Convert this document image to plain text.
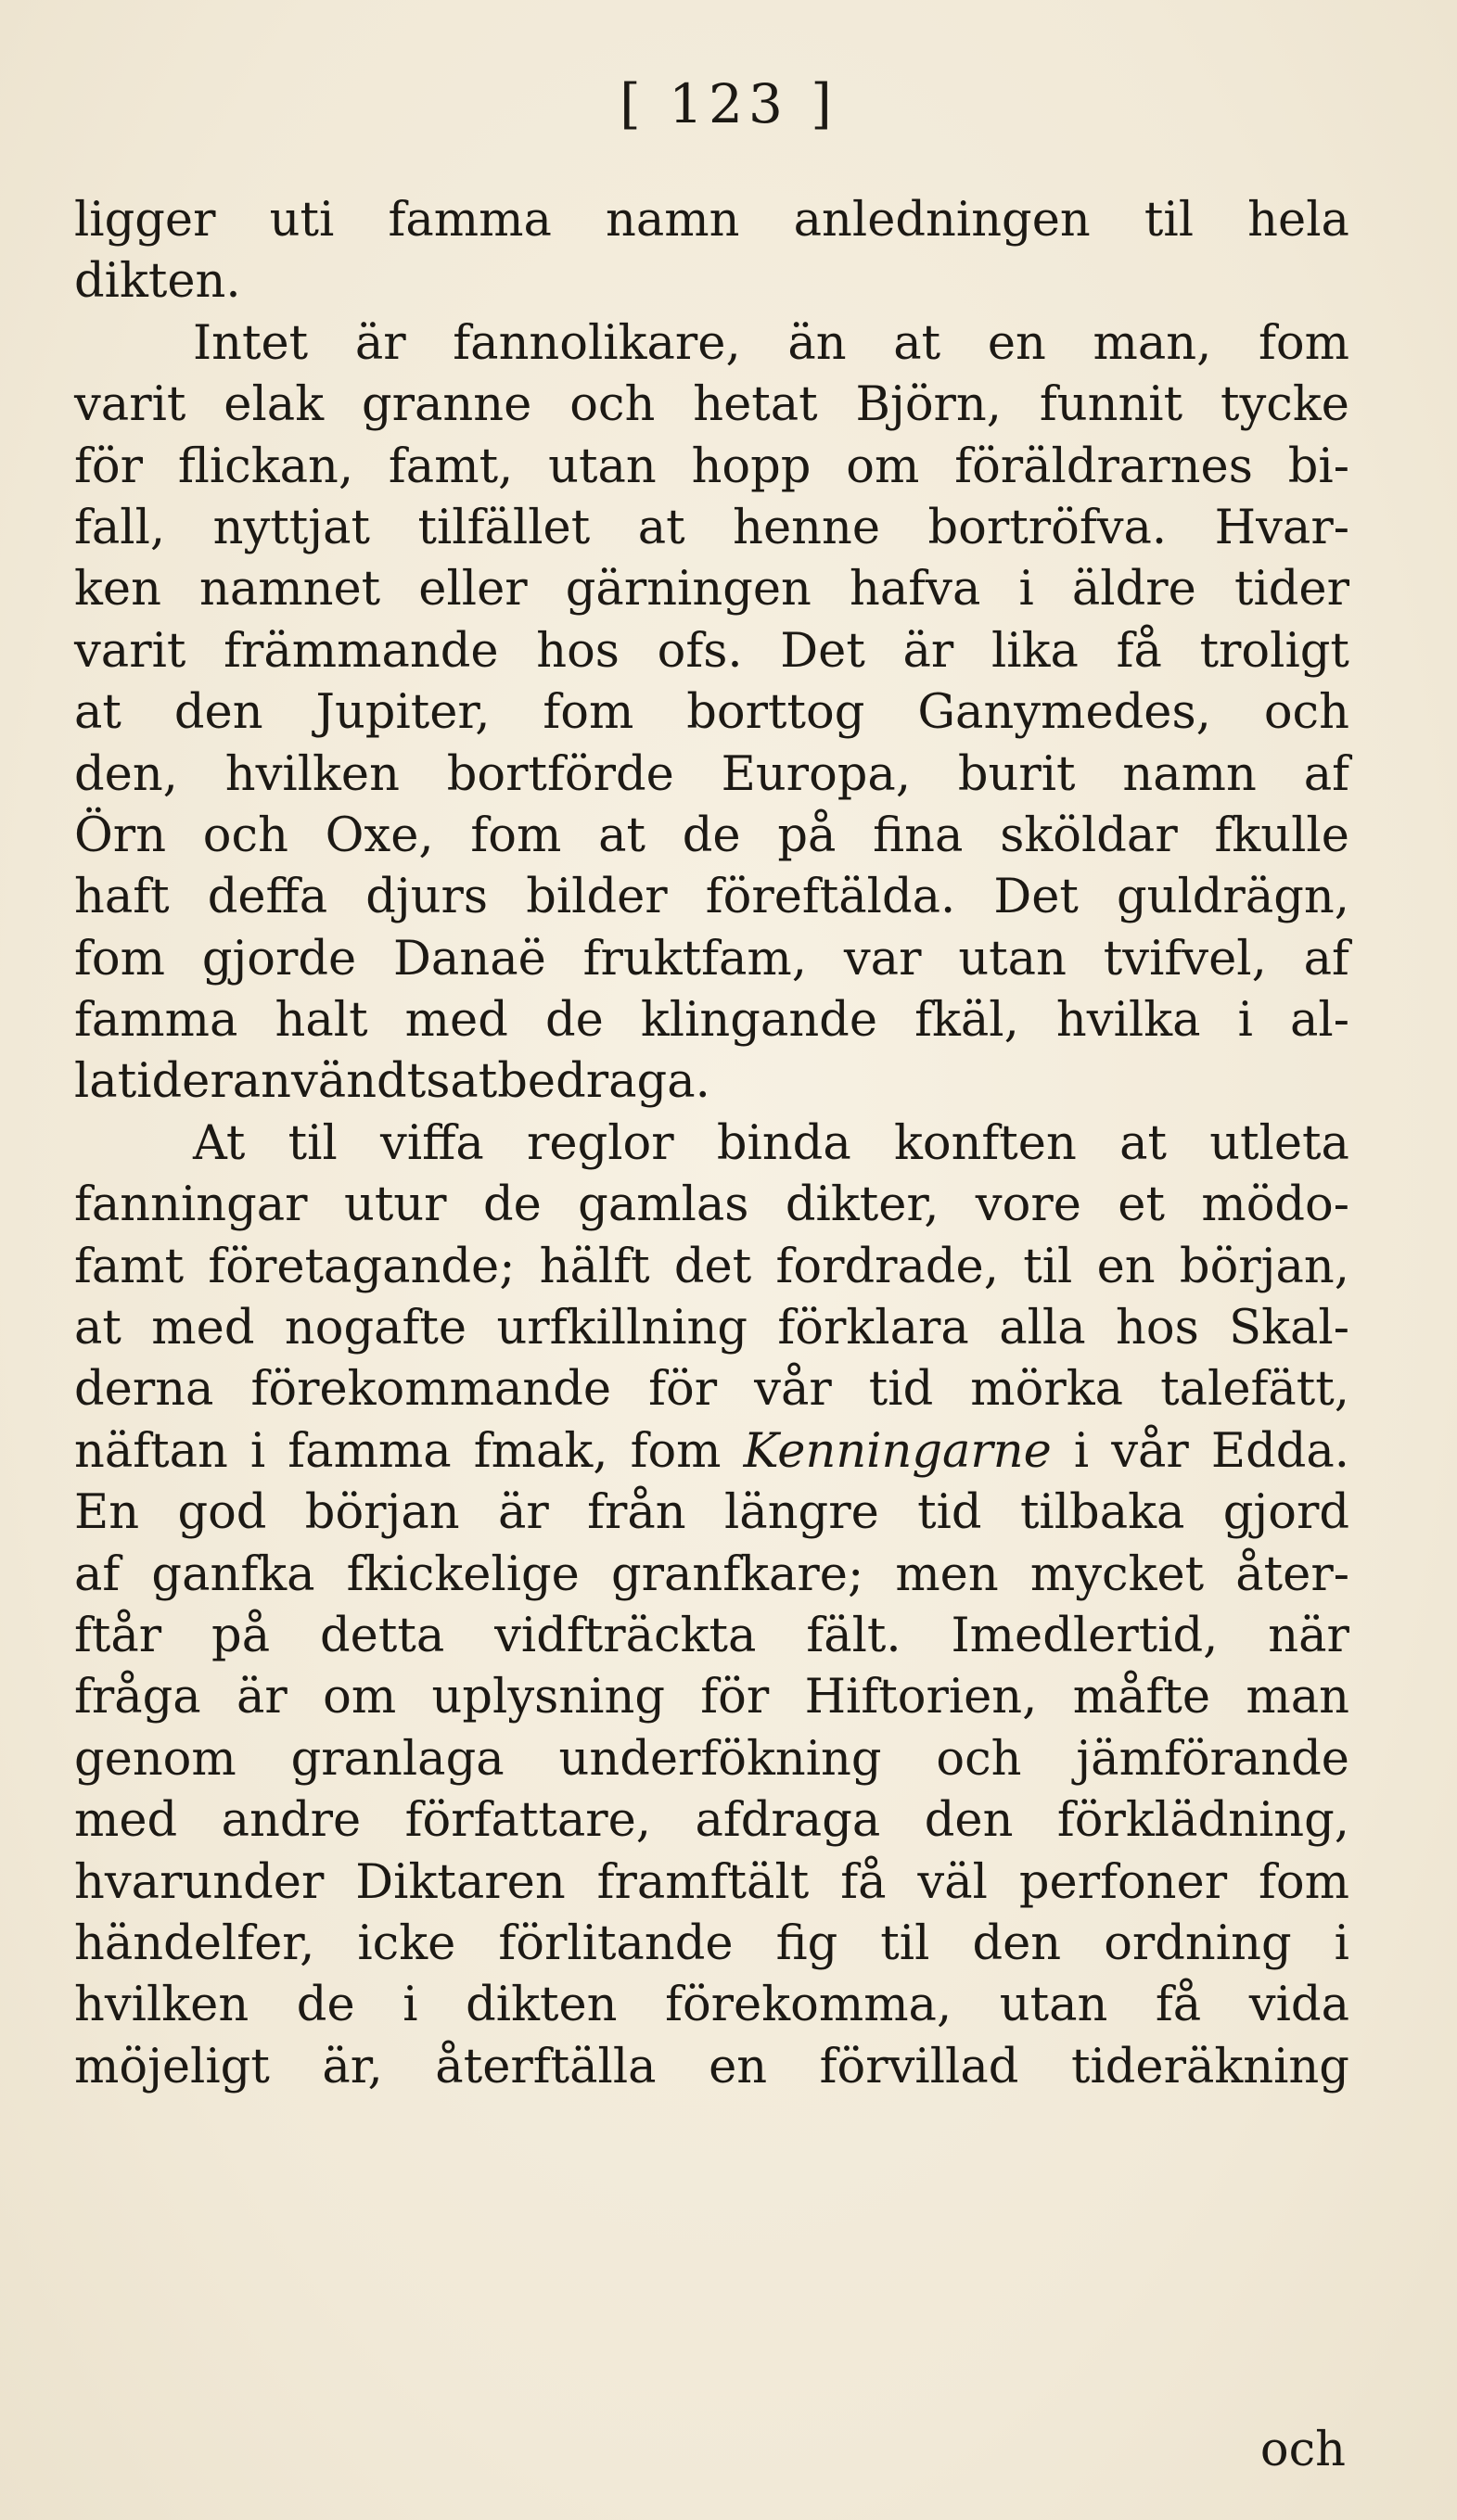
[ 123 ]
ligger uti famma namn anledningen til hela
dikten.
Intet är fannolikare, än at en man, fom
varit elak granne och hetat Björn, funnit tycke
för flickan, famt, utan hopp om föräldrarnes bi-
fall, nyttjat tilfället at henne bortröfva. Hvar-
ken namnet eller gärningen hafva i äldre tider
varit främmande hos ofs. Det är lika få troligt
at den Jupiter, fom borttog Ganymedes, och
den, hvilken bortförde Europa, burit namn af
Örn och Oxe, fom at de på fina sköldar fkulle
haft deffa djurs bilder föreftälda. Det guldrägn,
fom gjorde Danaë fruktfam, var utan tvifvel, af
famma halt med de klingande fkäl, hvilka i al-
la tider användts at bedraga.
At til viffa reglor binda konften at utleta
fanningar utur de gamlas dikter, vore et mödo-
famt företagande; hälft det fordrade, til en början,
at med nogafte urfkillning förklara alla hos Skal-
derna förekommande för vår tid mörka talefätt,
näftan i famma fmak, fom Kenningarne i vår Edda.
En god början är från längre tid tilbaka gjord
af ganfka fkickelige granfkare; men mycket åter-
ftår på detta vidfträckta fält. Imedlertid, när
fråga är om uplysning för Hiftorien, måfte man
genom granlaga underfökning och jämförande
med andre författare, afdraga den förklädning,
hvarunder Diktaren framftält få väl perfoner fom
händelfer, icke förlitande fig til den ordning i
hvilken de i dikten förekomma, utan få vida
möjeligt är, återftälla en förvillad tideräkning
och
